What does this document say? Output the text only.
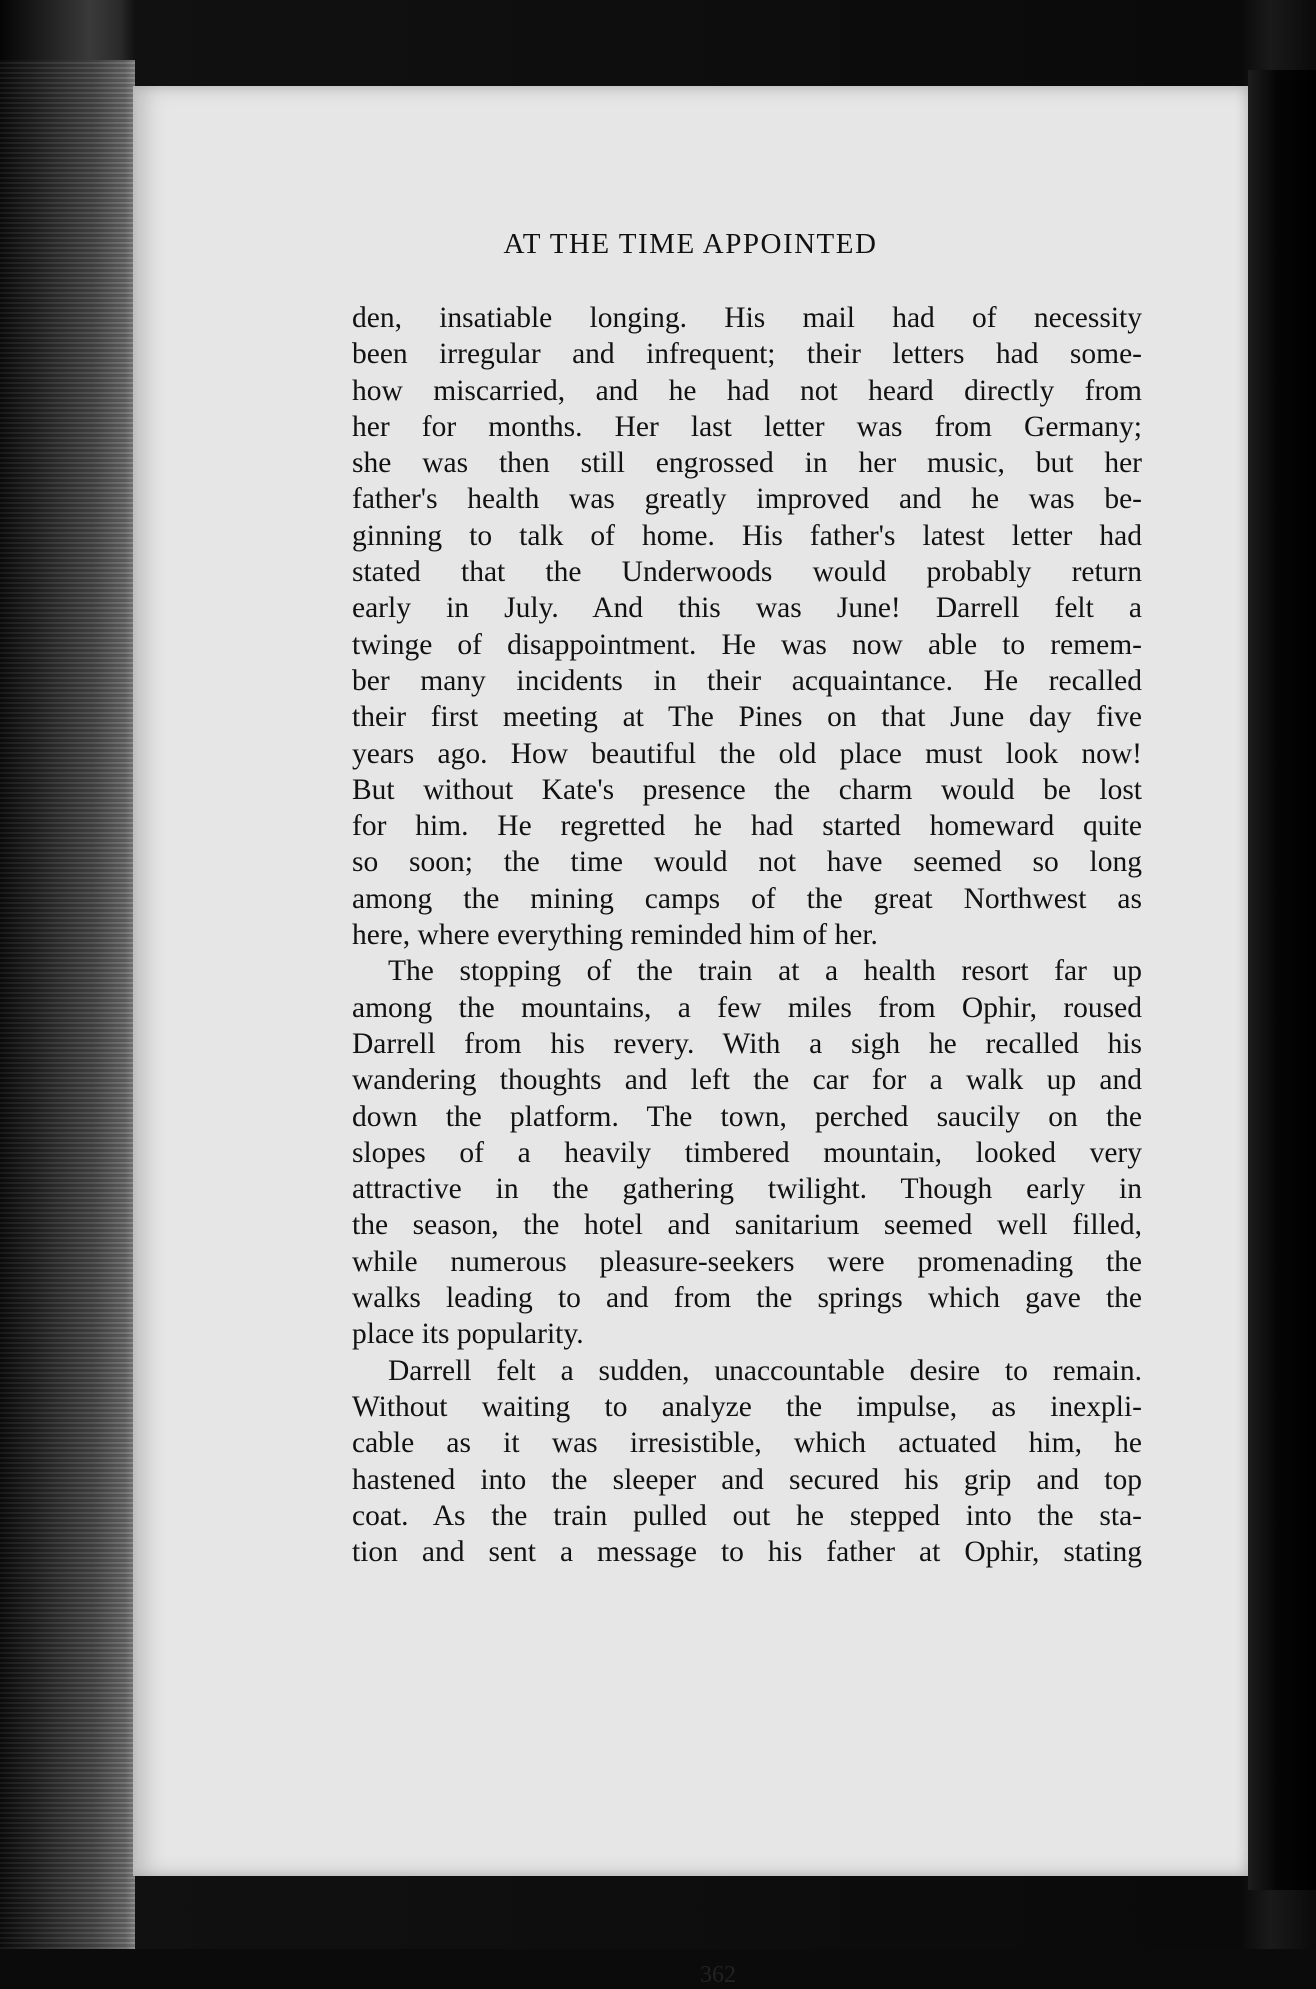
AT THE TIME APPOINTED
den, insatiable longing. His mail had of necessity
been irregular and infrequent; their letters had some-
how miscarried, and he had not heard directly from
her for months. Her last letter was from Germany;
she was then still engrossed in her music, but her
father's health was greatly improved and he was be-
ginning to talk of home. His father's latest letter had
stated that the Underwoods would probably return
early in July. And this was June! Darrell felt a
twinge of disappointment. He was now able to remem-
ber many incidents in their acquaintance. He recalled
their first meeting at The Pines on that June day five
years ago. How beautiful the old place must look now!
But without Kate's presence the charm would be lost
for him. He regretted he had started homeward quite
so soon; the time would not have seemed so long
among the mining camps of the great Northwest as
here, where everything reminded him of her.
The stopping of the train at a health resort far up
among the mountains, a few miles from Ophir, roused
Darrell from his revery. With a sigh he recalled his
wandering thoughts and left the car for a walk up and
down the platform. The town, perched saucily on the
slopes of a heavily timbered mountain, looked very
attractive in the gathering twilight. Though early in
the season, the hotel and sanitarium seemed well filled,
while numerous pleasure-seekers were promenading the
walks leading to and from the springs which gave the
place its popularity.
Darrell felt a sudden, unaccountable desire to remain.
Without waiting to analyze the impulse, as inexpli-
cable as it was irresistible, which actuated him, he
hastened into the sleeper and secured his grip and top
coat. As the train pulled out he stepped into the sta-
tion and sent a message to his father at Ophir, stating
362
